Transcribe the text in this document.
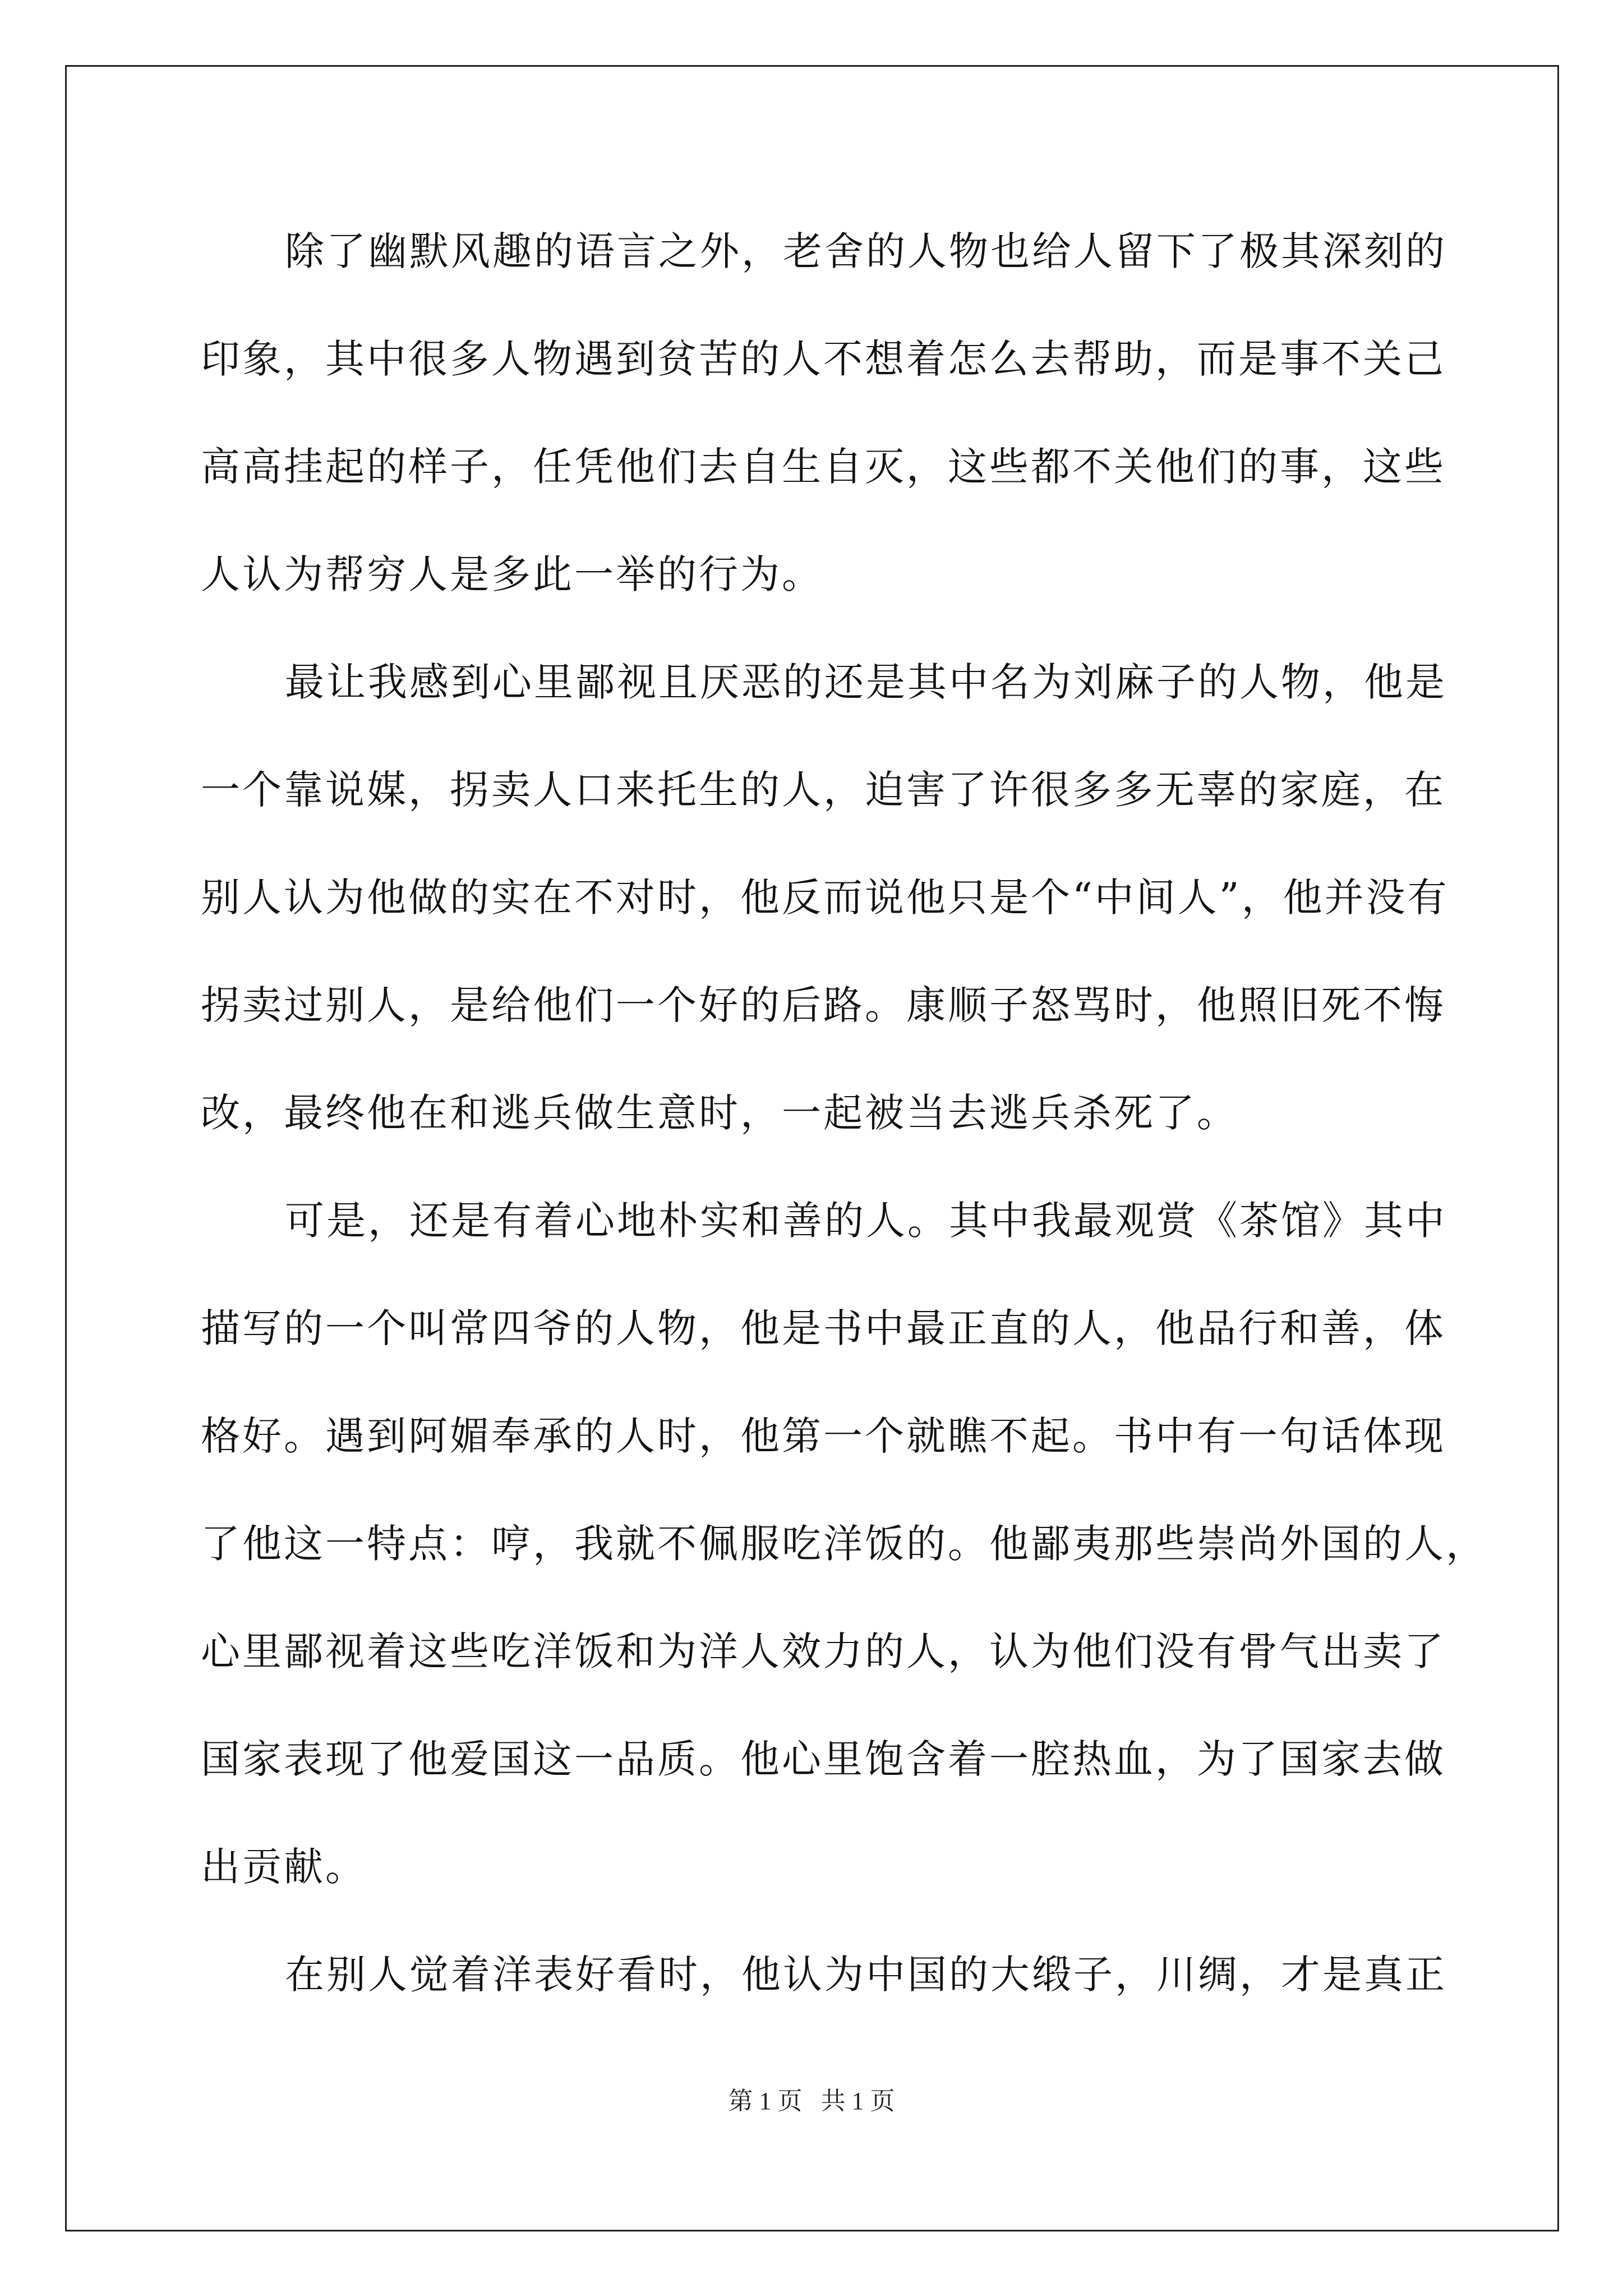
除了幽默风趣的语言之外，老舍的人物也给人留下了极其深刻的
印象，其中很多人物遇到贫苦的人不想着怎么去帮助，而是事不关己
高高挂起的样子，任凭他们去自生自灭，这些都不关他们的事，这些
人认为帮穷人是多此一举的行为。
最让我感到心里鄙视且厌恶的还是其中名为刘麻子的人物，他是
一个靠说媒，拐卖人口来托生的人，迫害了许很多多无辜的家庭，在
别人认为他做的实在不对时，他反而说他只是个“中间人”，他并没有
拐卖过别人，是给他们一个好的后路。康顺子怒骂时，他照旧死不悔
改，最终他在和逃兵做生意时，一起被当去逃兵杀死了。
可是，还是有着心地朴实和善的人。其中我最观赏《茶馆》其中
描写的一个叫常四爷的人物，他是书中最正直的人，他品行和善，体
格好。遇到阿媚奉承的人时，他第一个就瞧不起。书中有一句话体现
了他这一特点：哼，我就不佩服吃洋饭的。他鄙夷那些崇尚外国的人，
心里鄙视着这些吃洋饭和为洋人效力的人，认为他们没有骨气出卖了
国家表现了他爱国这一品质。他心里饱含着一腔热血，为了国家去做
出贡献。
在别人觉着洋表好看时，他认为中国的大缎子，川绸，才是真正
第 1 页   共 1 页
